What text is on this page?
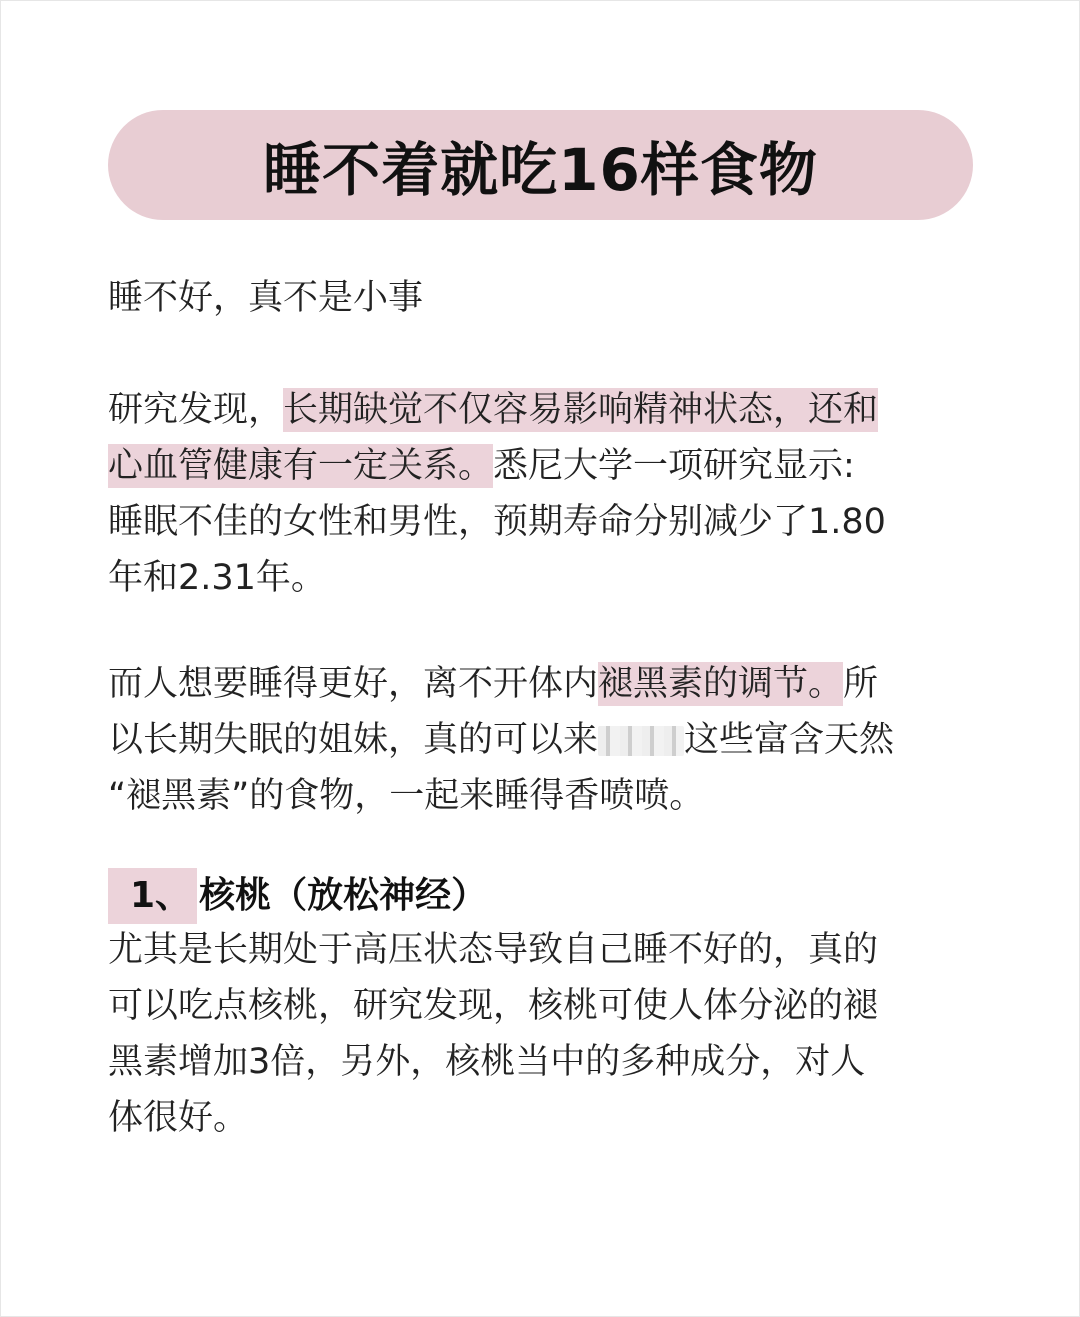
睡不着就吃16样食物

睡不好，真不是小事

研究发现，长期缺觉不仅容易影响精神状态，还和
心血管健康有一定关系。悉尼大学一项研究显示:
睡眠不佳的女性和男性，预期寿命分别减少了1.80
年和2.31年。

而人想要睡得更好，离不开体内褪黑素的调节。所
以长期失眠的姐妹，真的可以来 这些富含天然
“褪黑素”的食物，一起来睡得香喷喷。

1、 核桃（放松神经）

尤其是长期处于高压状态导致自己睡不好的，真的
可以吃点核桃，研究发现，核桃可使人体分泌的褪
黑素增加3倍，另外，核桃当中的多种成分，对人
体很好。
